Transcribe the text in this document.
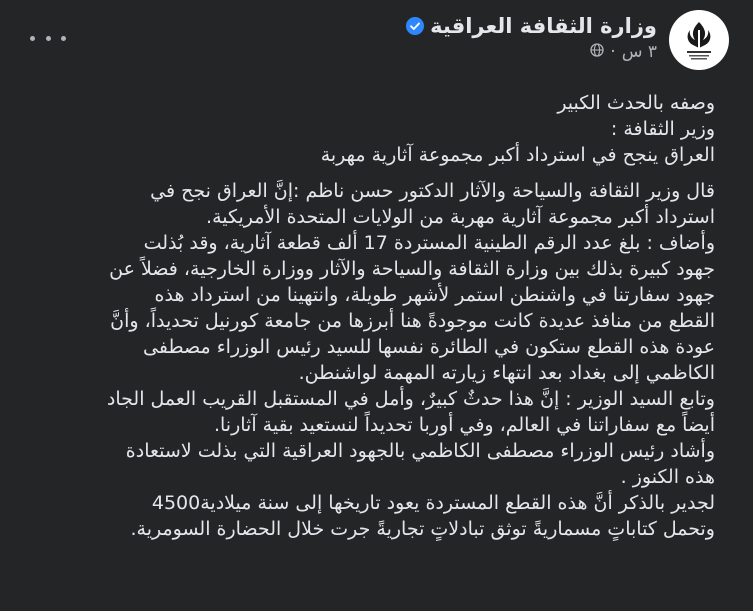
وزارة الثقافة العراقية
٣ س
·
وصفه بالحدث الكبير
وزير الثقافة :
العراق ينجح في استرداد أكبر مجموعة آثارية مهربة
قال وزير الثقافة والسياحة والآثار الدكتور حسن ناظم :إنَّ العراق نجح في
استرداد أكبر مجموعة آثارية مهربة من الولايات المتحدة الأمريكية.
وأضاف : بلغ عدد الرقم الطينية المستردة 17 ألف قطعة آثارية، وقد بُذلت
جهود كبيرة بذلك بين وزارة الثقافة والسياحة والآثار ووزارة الخارجية، فضلاً عن
جهود سفارتنا في واشنطن استمر لأشهر طويلة، وانتهينا من استرداد هذه
القطع من منافذ عديدة كانت موجودةً هنا أبرزها من جامعة كورنيل تحديداً، وأنَّ
عودة هذه القطع ستكون في الطائرة نفسها للسيد رئيس الوزراء مصطفى
الكاظمي إلى بغداد بعد انتهاء زيارته المهمة لواشنطن.
وتابع السيد الوزير : إنَّ هذا حدثٌ كبيرٌ، وأمل في المستقبل القريب العمل الجاد
أيضاً مع سفاراتنا في العالم، وفي أوربا تحديداً لنستعيد بقية آثارنا.
وأشاد رئيس الوزراء مصطفى الكاظمي بالجهود العراقية التي بذلت لاستعادة
هذه الكنوز .
لجدير بالذكر أنَّ هذه القطع المستردة يعود تاريخها إلى سنة ميلادية4500
وتحمل كتاباتٍ مسماريةً توثق تبادلاتٍ تجاريةً جرت خلال الحضارة السومرية.
